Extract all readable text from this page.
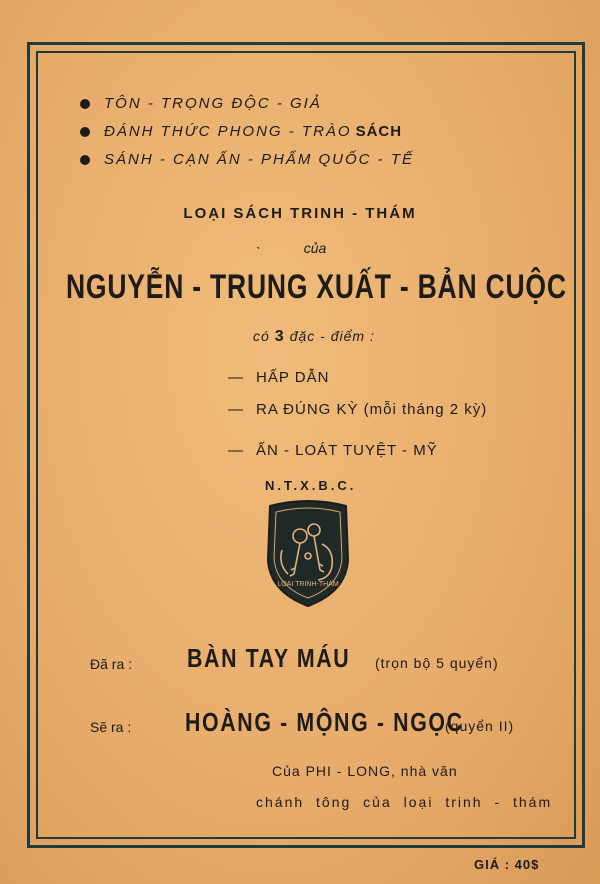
TÔN - TRỌNG ĐỘC - GIẢ
ĐÁNH THỨC PHONG - TRÀO SÁCH
SÁNH - CẠN ẤN - PHẨM QUỐC - TẾ
LOẠI SÁCH TRINH - THÁM
ˋ	của
NGUYỄN - TRUNG XUẤT - BẢN CUỘC
có 3 đặc - điểm :
— HẤP DẪN
— RA ĐÚNG KỲ (mỗi tháng 2 kỳ)
— ẤN - LOÁT TUYỆT - MỸ
N.T.X.B.C.
LOẠI TRINH-THÁM
Đã ra : BÀN TAY MÁU (trọn bộ 5 quyển)
Sẽ ra : HOÀNG - MỘNG - NGỌC
(quyển II)
Của PHI - LONG, nhà văn
chánh tông của loại trinh - thám
GIÁ : 40$
